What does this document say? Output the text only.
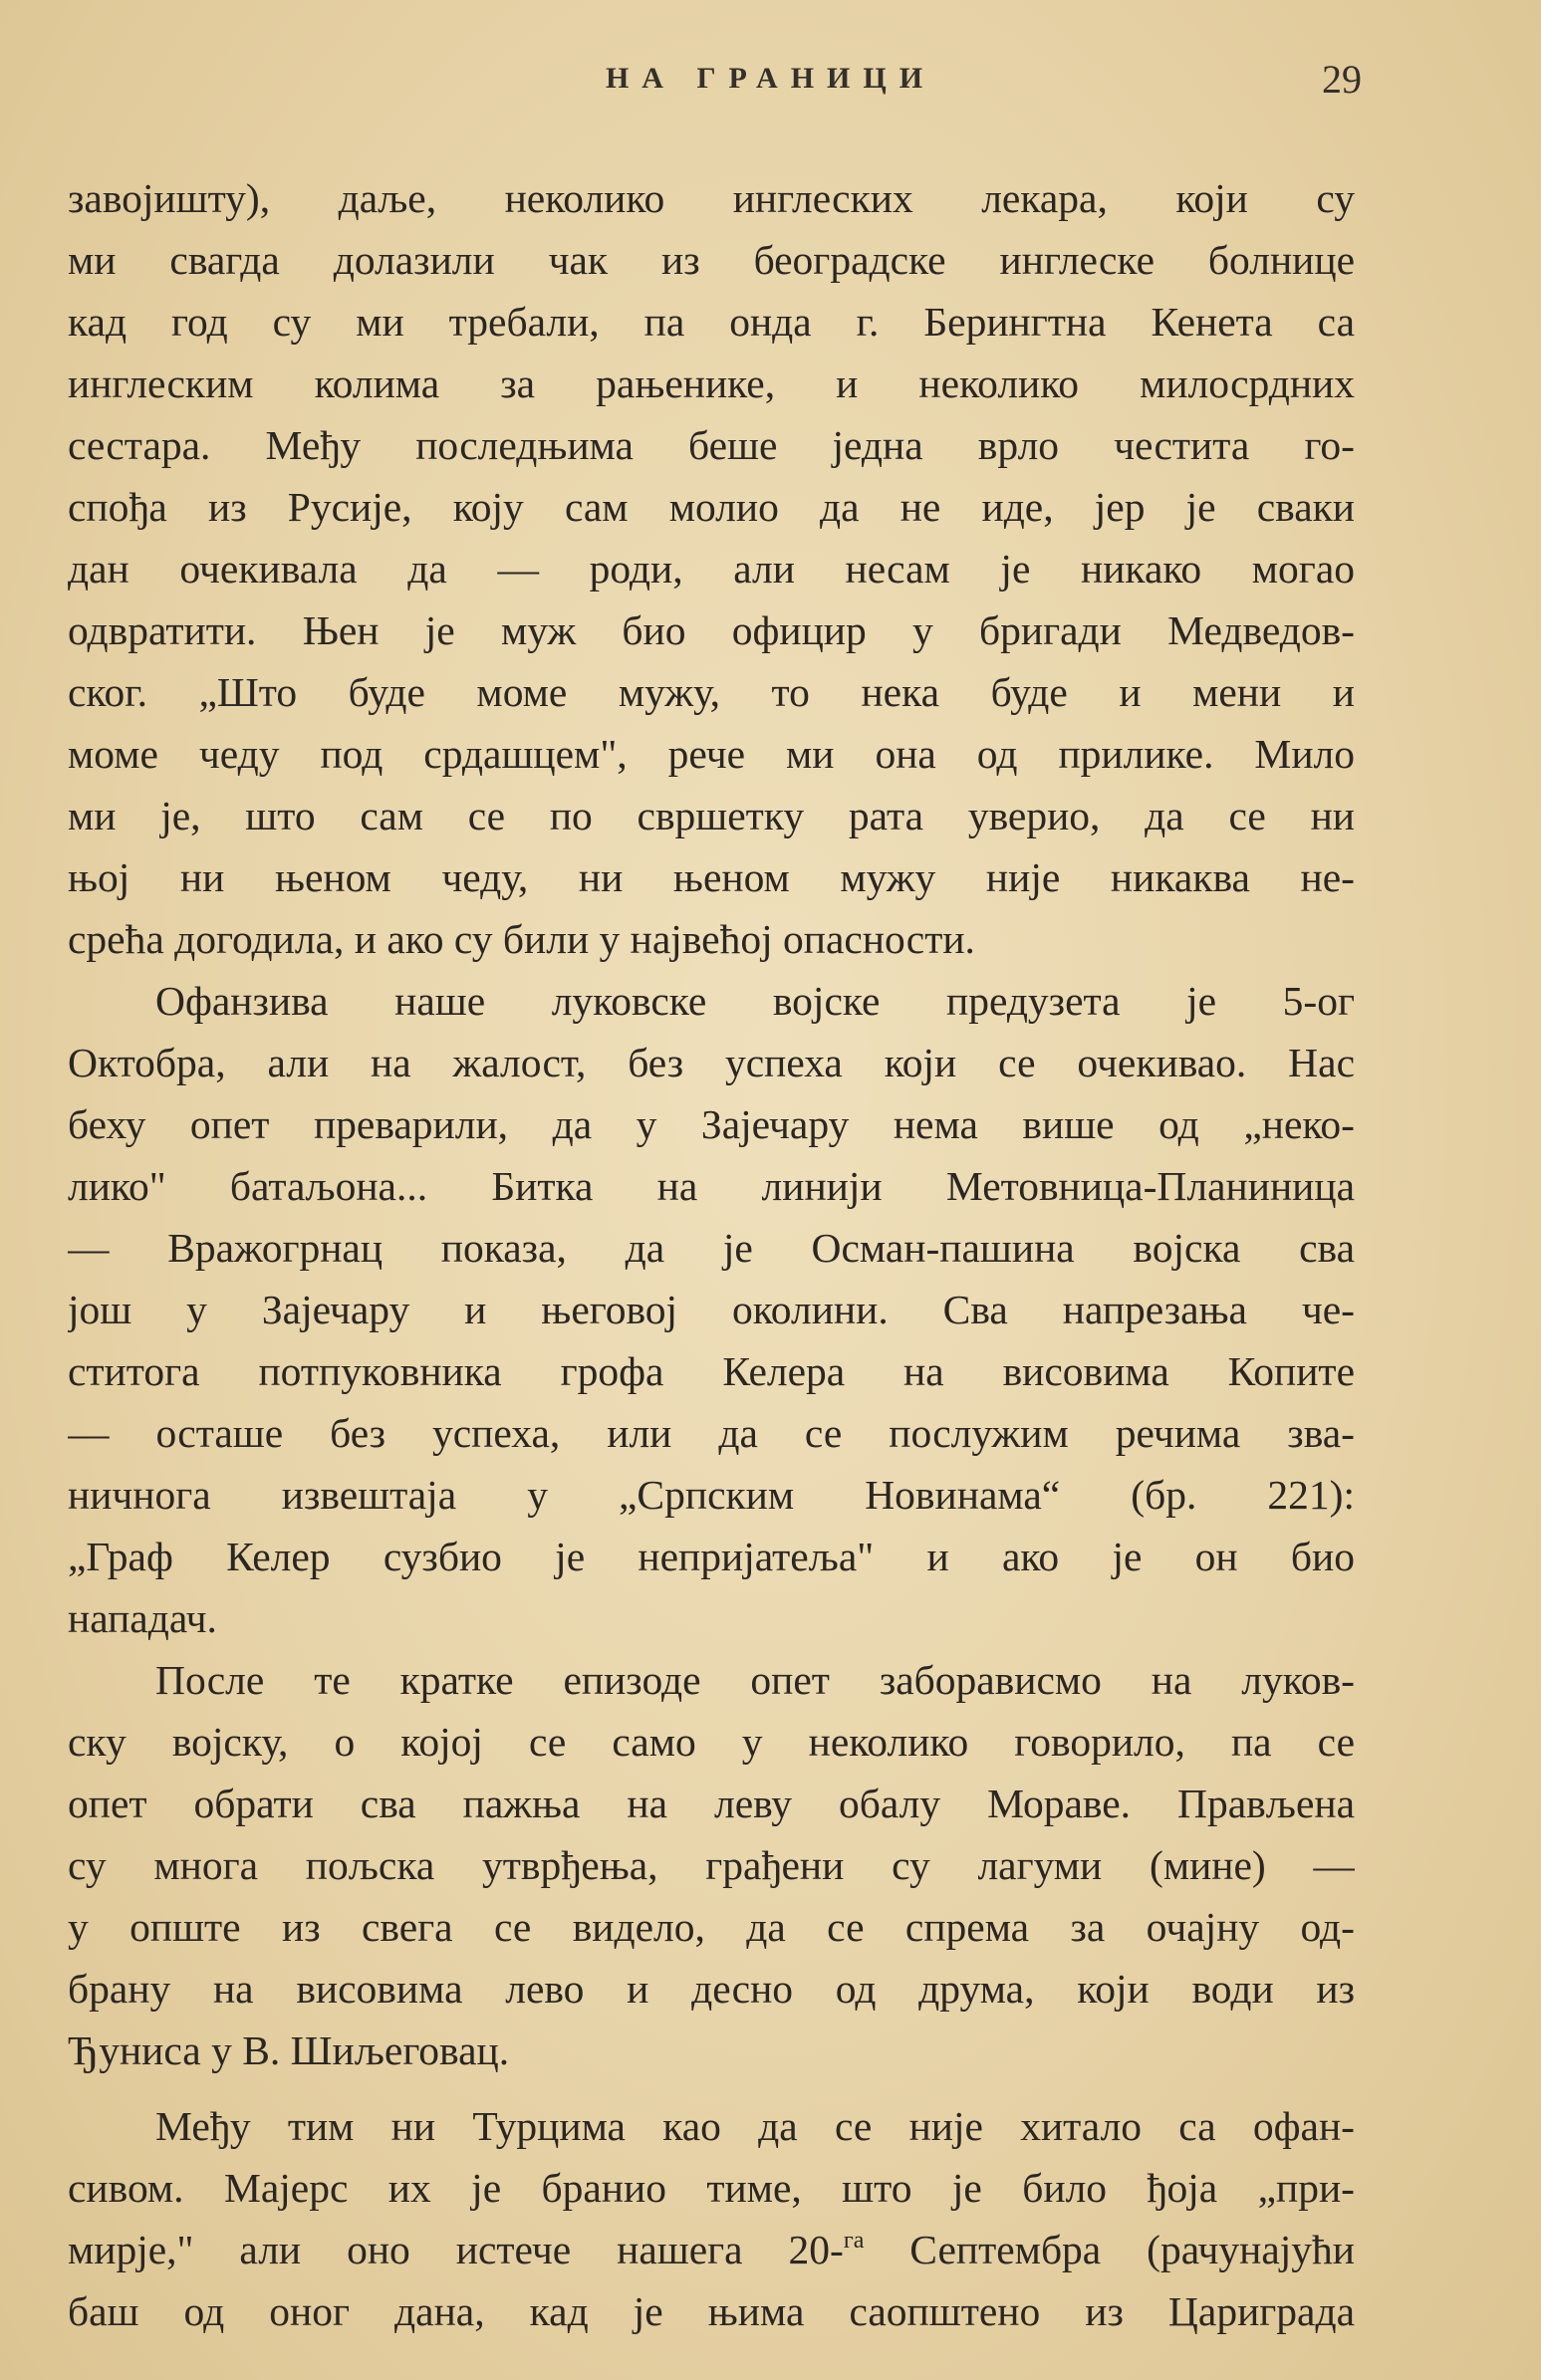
НА ГРАНИЦИ	29
завојишту), даље, неколико инглеских лекара, који су
ми свагда долазили чак из београдске инглеске болнице
кад год су ми требали, па онда г. Берингтна Кенета са
инглеским колима за рањенике, и неколико милосрдних
сестара. Међу последњима беше једна врло честита го-
спођа из Русије, коју сам молио да не иде, јер је сваки
дан очекивала да — роди, али несам је никако могао
одвратити. Њен је муж био официр у бригади Медведов-
ског. „Што буде моме мужу, то нека буде и мени и
моме чеду под срдашцем", рече ми она од прилике. Мило
ми је, што сам се по свршетку рата уверио, да се ни
њој ни њеном чеду, ни њеном мужу није никаква не-
срећа догодила, и ако су били у највећој опасности.
Офанзива наше луковске војске предузета је 5-ог
Октобра, али на жалост, без успеха који се очекивао. Нас
беху опет преварили, да у Зајечару нема више од „неко-
лико" батаљона... Битка на линији Метовница-Планиница
— Вражогрнац показа, да је Осман-пашина војска сва
још у Зајечару и његовој околини. Сва напрезања че-
ститога потпуковника грофа Келера на висовима Копите
— осташе без успеха, или да се послужим речима зва-
ничнога извештаја у „Српским Новинама“ (бр. 221):
„Граф Келер сузбио је непријатеља" и ако је он био
нападач.
После те кратке епизоде опет заборависмо на луков-
ску војску, о којој се само у неколико говорило, па се
опет обрати сва пажња на леву обалу Мораве. Прављена
су многа пољска утврђења, грађени су лагуми (мине) —
у опште из свега се видело, да се спрема за очајну од-
брану на висовима лево и десно од друма, који води из
Ђуниса у В. Шиљеговац.
Међу тим ни Турцима као да се није хитало са офан-
сивом. Мајерс их је бранио тиме, што је било ђоја „при-
мирје," али оно истече нашега 20-$^{га}$ Септембра (рачунајући
баш од оног дана, кад је њима саопштено из Цариграда
